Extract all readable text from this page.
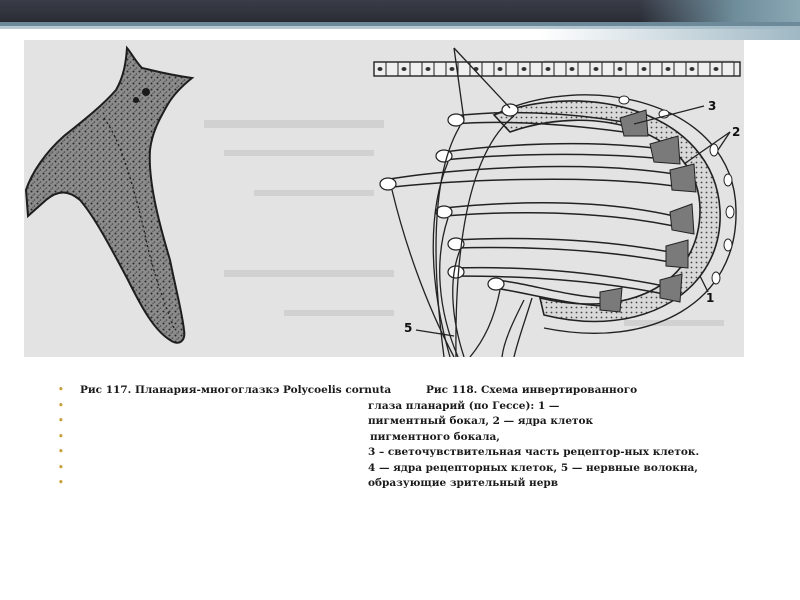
3
2
1
5
•	Рис 117. Планария-многоглазкэ Polycoelis cornuta	Рис 118. Схема инвертированного
•	глаза планарий (по Гессе): 1 —
•	пигментный бокал, 2 — ядра клеток
•	пигментного бокала,
•	3 – светочувствительная часть рецептор-ных клеток.
•	4 — ядра рецепторных клеток, 5 — нервные волокна,
•	образующие зрительный нерв
